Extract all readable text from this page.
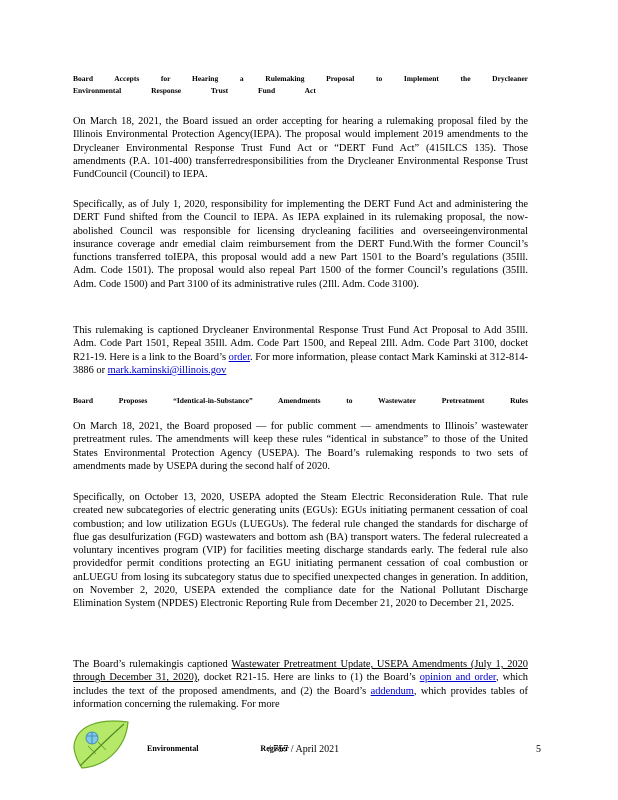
Board Accepts for Hearing a Rulemaking Proposal to Implement the Drycleaner
Environmental Response Trust Fund Act

On March 18, 2021, the Board issued an order accepting for hearing a rulemaking proposal filed by the Illinois Environmental Protection Agency(IEPA). The proposal would implement 2019 amendments to the Drycleaner Environmental Response Trust Fund Act or “DERT Fund Act” (415ILCS 135). Those amendments (P.A. 101-400) transferredresponsibilities from the Drycleaner Environmental Response Trust FundCouncil (Council) to IEPA.

Specifically, as of July 1, 2020, responsibility for implementing the DERT Fund Act and administering the DERT Fund shifted from the Council to IEPA. As IEPA explained in its rulemaking proposal, the now-abolished Council was responsible for licensing drycleaning facilities and overseeingenvironmental insurance coverage andr emedial claim reimbursement from the DERT Fund.With the former Council’s functions transferred toIEPA, this proposal would add a new Part 1501 to the Board’s regulations (35Ill. Adm. Code 1501). The proposal would also repeal Part 1500 of the former Council’s regulations (35Ill. Adm. Code 1500) and Part 3100 of its administrative rules (2Ill. Adm. Code 3100).

This rulemaking is captioned Drycleaner Environmental Response Trust Fund Act Proposal to Add 35Ill. Adm. Code Part 1501, Repeal 35Ill. Adm. Code Part 1500, and Repeal 2Ill. Adm. Code Part 3100, docket R21-19. Here is a link to the Board’s order. For more information, please contact Mark Kaminski at 312-814-3886 or mark.kaminski@illinois.gov

Board Proposes “Identical-in-Substance” Amendments to Wastewater Pretreatment Rules

On March 18, 2021, the Board proposed — for public comment — amendments to Illinois’ wastewater pretreatment rules. The amendments will keep these rules “identical in substance” to those of the United States Environmental Protection Agency (USEPA). The Board’s rulemaking responds to two sets of amendments made by USEPA during the second half of 2020.

Specifically, on October 13, 2020, USEPA adopted the Steam Electric Reconsideration Rule. That rule created new subcategories of electric generating units (EGUs): EGUs initiating permanent cessation of coal combustion; and low utilization EGUs (LUEGUs). The federal rule changed the standards for discharge of flue gas desulfurization (FGD) wastewaters and bottom ash (BA) transport waters. The federal rulecreated a voluntary incentives program (VIP) for facilities meeting discharge standards early. The federal rule also providedfor permit conditions protecting an EGU initiating permanent cessation of coal combustion or anLUEGU from losing its subcategory status due to specified unexpected changes in generation. In addition, on November 2, 2020, USEPA extended the compliance date for the National Pollutant Discharge Elimination System (NPDES) Electronic Reporting Rule from December 21, 2020 to December 21, 2025.

The Board’s rulemakingis captioned Wastewater Pretreatment Update, USEPA Amendments (July 1, 2020 through December 31, 2020), docket R21-15. Here are links to (1) the Board’s opinion and order, which includes the text of the proposed amendments, and (2) the Board’s addendum, which provides tables of information concerning the rulemaking. For more

Environmental Register
/ 757 / April 2021	5
